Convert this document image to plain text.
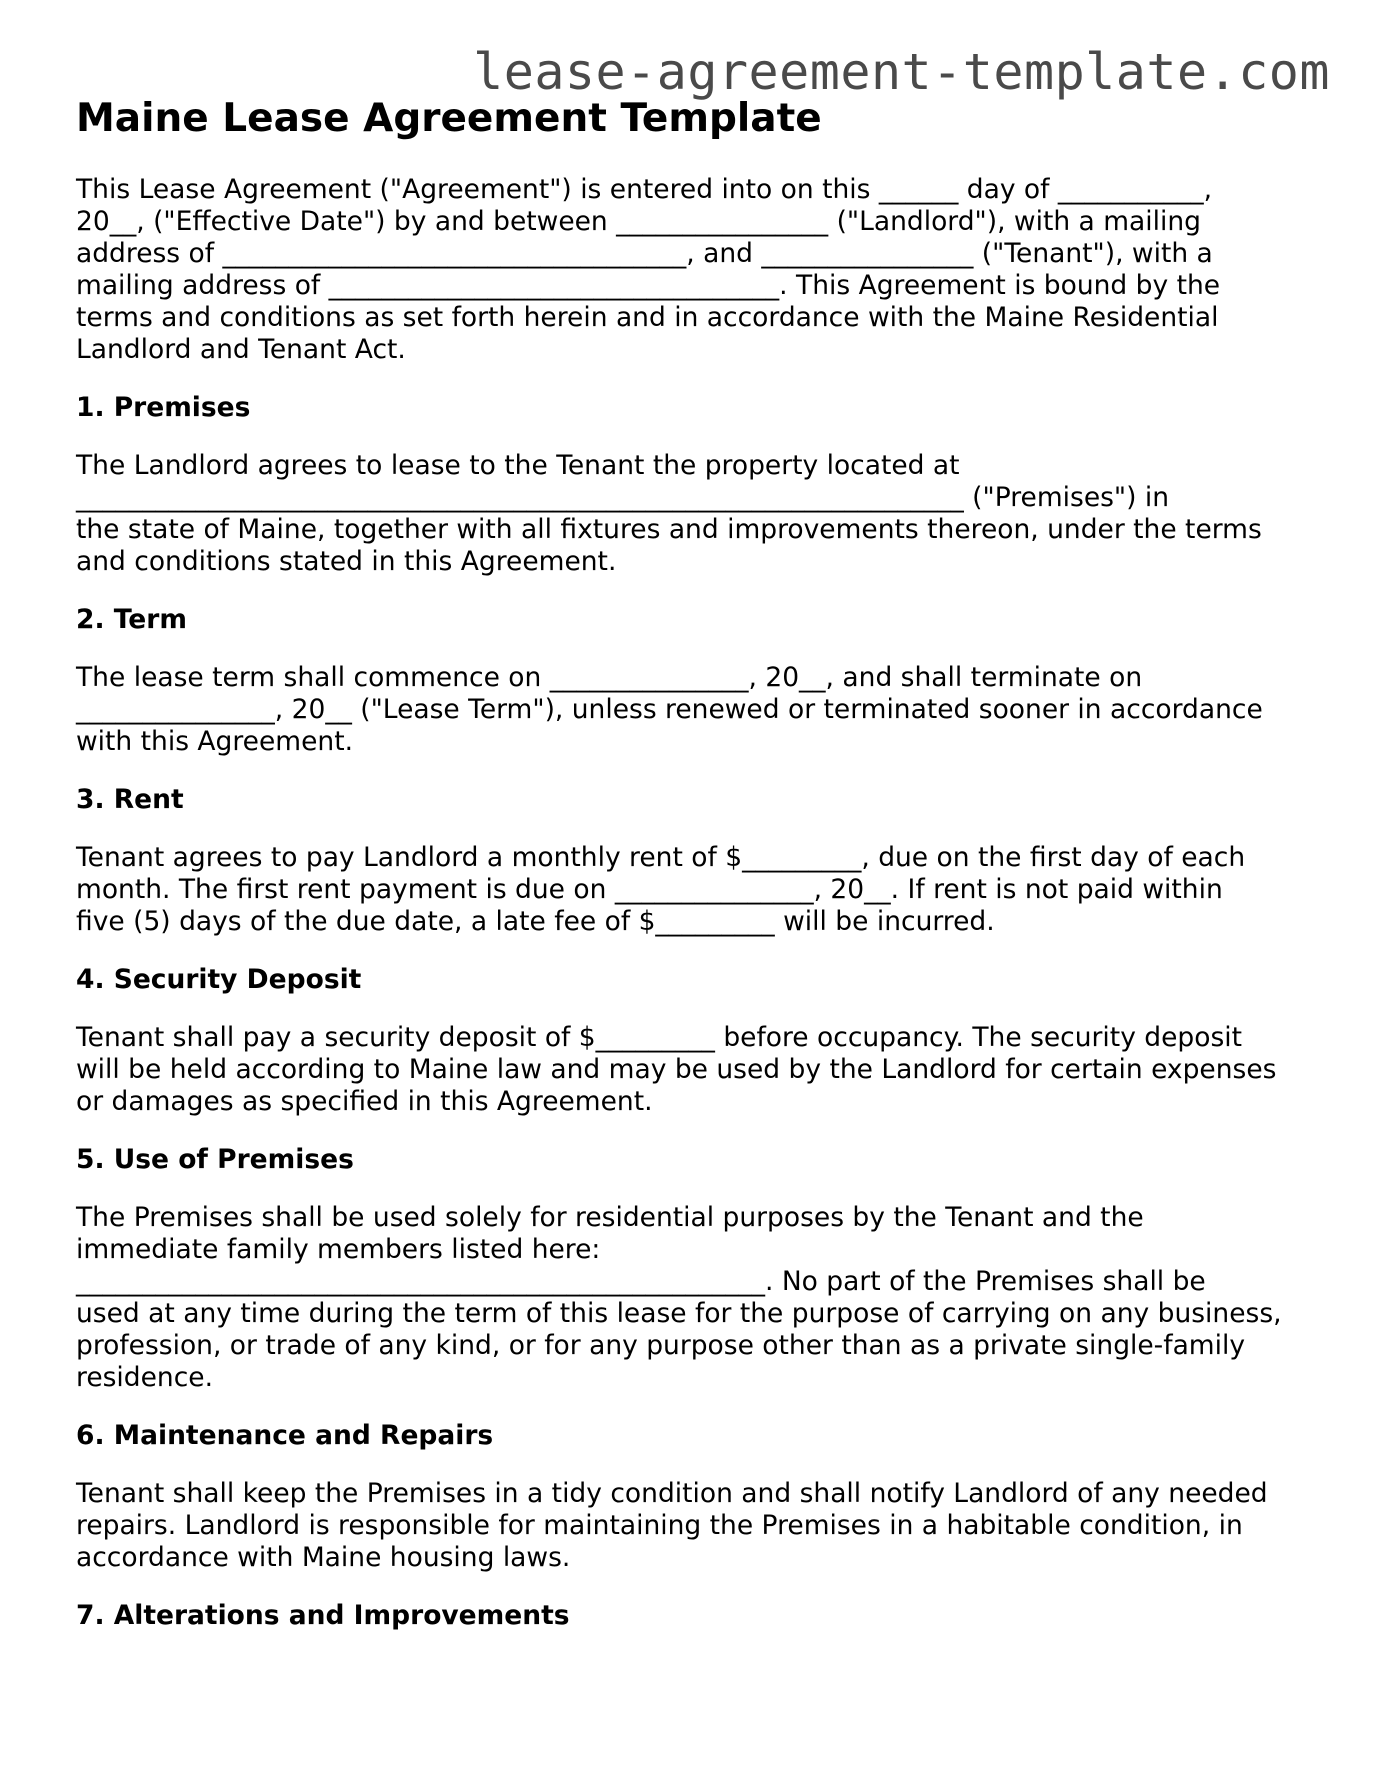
lease-agreement-template.com
Maine Lease Agreement Template
This Lease Agreement ("Agreement") is entered into on this ______ day of ___________,
20__, ("Effective Date") by and between ________________ ("Landlord"), with a mailing
address of ___________________________________, and ________________ ("Tenant"), with a
mailing address of __________________________________. This Agreement is bound by the
terms and conditions as set forth herein and in accordance with the Maine Residential
Landlord and Tenant Act.
1. Premises
The Landlord agrees to lease to the Tenant the property located at
___________________________________________________________________ ("Premises") in
the state of Maine, together with all fixtures and improvements thereon, under the terms
and conditions stated in this Agreement.
2. Term
The lease term shall commence on _______________, 20__, and shall terminate on
_______________, 20__ ("Lease Term"), unless renewed or terminated sooner in accordance
with this Agreement.
3. Rent
Tenant agrees to pay Landlord a monthly rent of $_________, due on the first day of each
month. The first rent payment is due on _______________, 20__. If rent is not paid within
five (5) days of the due date, a late fee of $_________ will be incurred.
4. Security Deposit
Tenant shall pay a security deposit of $_________ before occupancy. The security deposit
will be held according to Maine law and may be used by the Landlord for certain expenses
or damages as specified in this Agreement.
5. Use of Premises
The Premises shall be used solely for residential purposes by the Tenant and the
immediate family members listed here:
____________________________________________________. No part of the Premises shall be
used at any time during the term of this lease for the purpose of carrying on any business,
profession, or trade of any kind, or for any purpose other than as a private single-family
residence.
6. Maintenance and Repairs
Tenant shall keep the Premises in a tidy condition and shall notify Landlord of any needed
repairs. Landlord is responsible for maintaining the Premises in a habitable condition, in
accordance with Maine housing laws.
7. Alterations and Improvements
